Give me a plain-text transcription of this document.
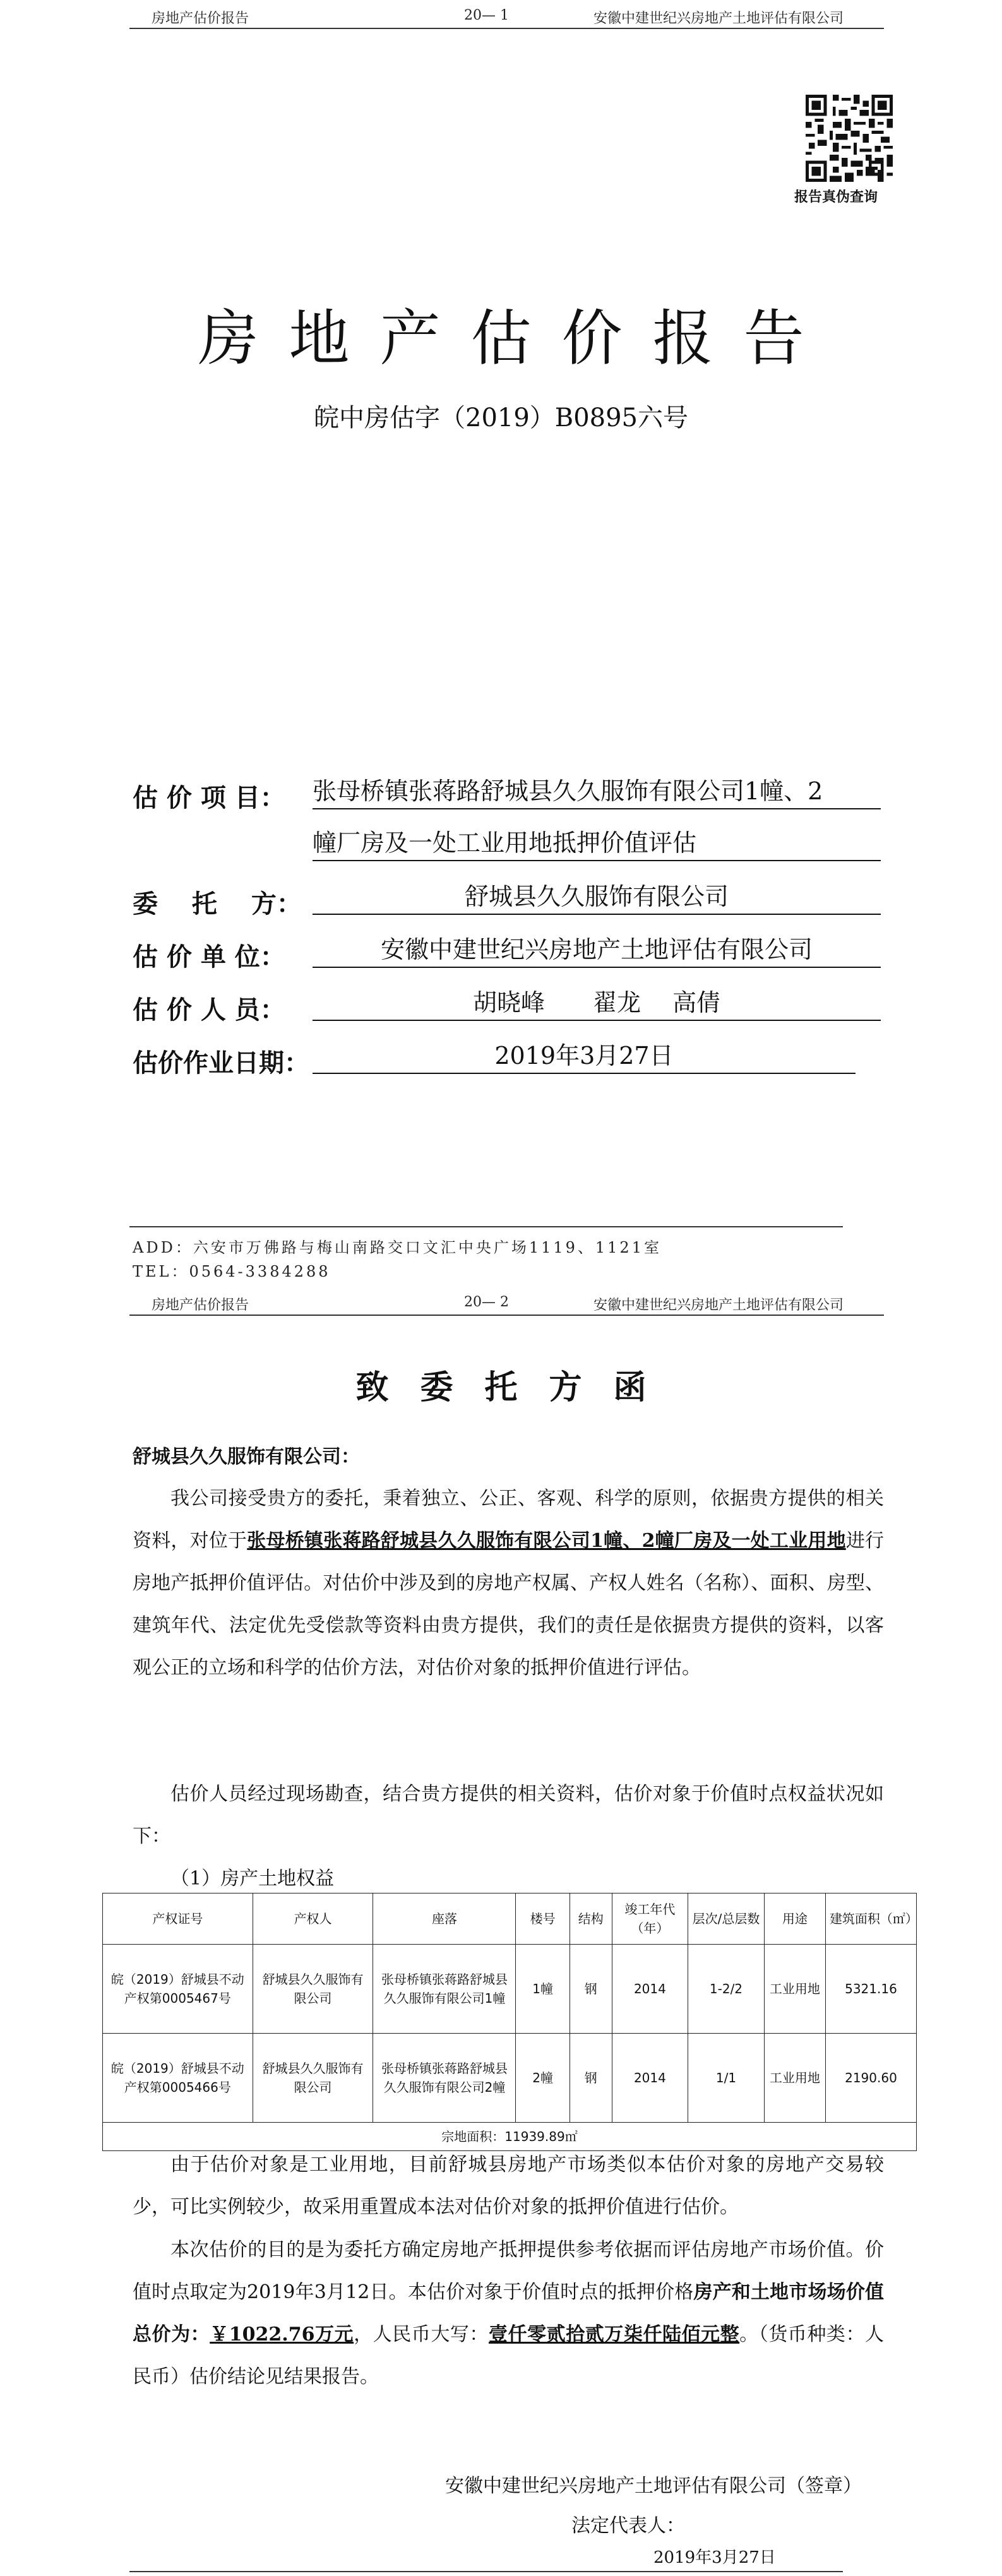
房地产估价报告	20— 1	安徽中建世纪兴房地产土地评估有限公司
报告真伪查询
房地产估价报告
皖中房估字（2019）B0895六号
估 价 项 目： 张母桥镇张蒋路舒城县久久服饰有限公司1幢、2
幢厂房及一处工业用地抵押价值评估
委　 托　 方：	舒城县久久服饰有限公司
估 价 单 位：	安徽中建世纪兴房地产土地评估有限公司
估 价 人 员：	胡晓峰　　翟龙　 高倩
估价作业日期：	2019年3月27日
ADD：六安市万佛路与梅山南路交口文汇中央广场1119、1121室
TEL：0564-3384288
房地产估价报告	20— 2	安徽中建世纪兴房地产土地评估有限公司
致委托方函
舒城县久久服饰有限公司：
我公司接受贵方的委托，秉着独立、公正、客观、科学的原则，依据贵方提供的相关资料，对位于张母桥镇张蒋路舒城县久久服饰有限公司1幢、2幢厂房及一处工业用地进行房地产抵押价值评估。对估价中涉及到的房地产权属、产权人姓名（名称）、面积、房型、建筑年代、法定优先受偿款等资料由贵方提供，我们的责任是依据贵方提供的资料，以客观公正的立场和科学的估价方法，对估价对象的抵押价值进行评估。
估价人员经过现场勘查，结合贵方提供的相关资料，估价对象于价值时点权益状况如下：
（1）房产土地权益
产权证号	产权人	座落	楼号	结构	竣工年代（年）	层次/总层数	用途	建筑面积（㎡）
皖（2019）舒城县不动产权第0005467号	舒城县久久服饰有限公司	张母桥镇张蒋路舒城县久久服饰有限公司1幢	1幢	钢	2014	1-2/2	工业用地	5321.16
皖（2019）舒城县不动产权第0005466号	舒城县久久服饰有限公司	张母桥镇张蒋路舒城县久久服饰有限公司2幢	2幢	钢	2014	1/1	工业用地	2190.60
宗地面积：11939.89㎡								
由于估价对象是工业用地，目前舒城县房地产市场类似本估价对象的房地产交易较少，可比实例较少，故采用重置成本法对估价对象的抵押价值进行估价。
本次估价的目的是为委托方确定房地产抵押提供参考依据而评估房地产市场价值。价值时点取定为2019年3月12日。本估价对象于价值时点的抵押价格房产和土地市场场价值总价为：￥1022.76万元，人民币大写：壹仟零贰拾贰万柒仟陆佰元整。（货币种类：人民币）估价结论见结果报告。
安徽中建世纪兴房地产土地评估有限公司（签章）
法定代表人：
2019年3月27日
